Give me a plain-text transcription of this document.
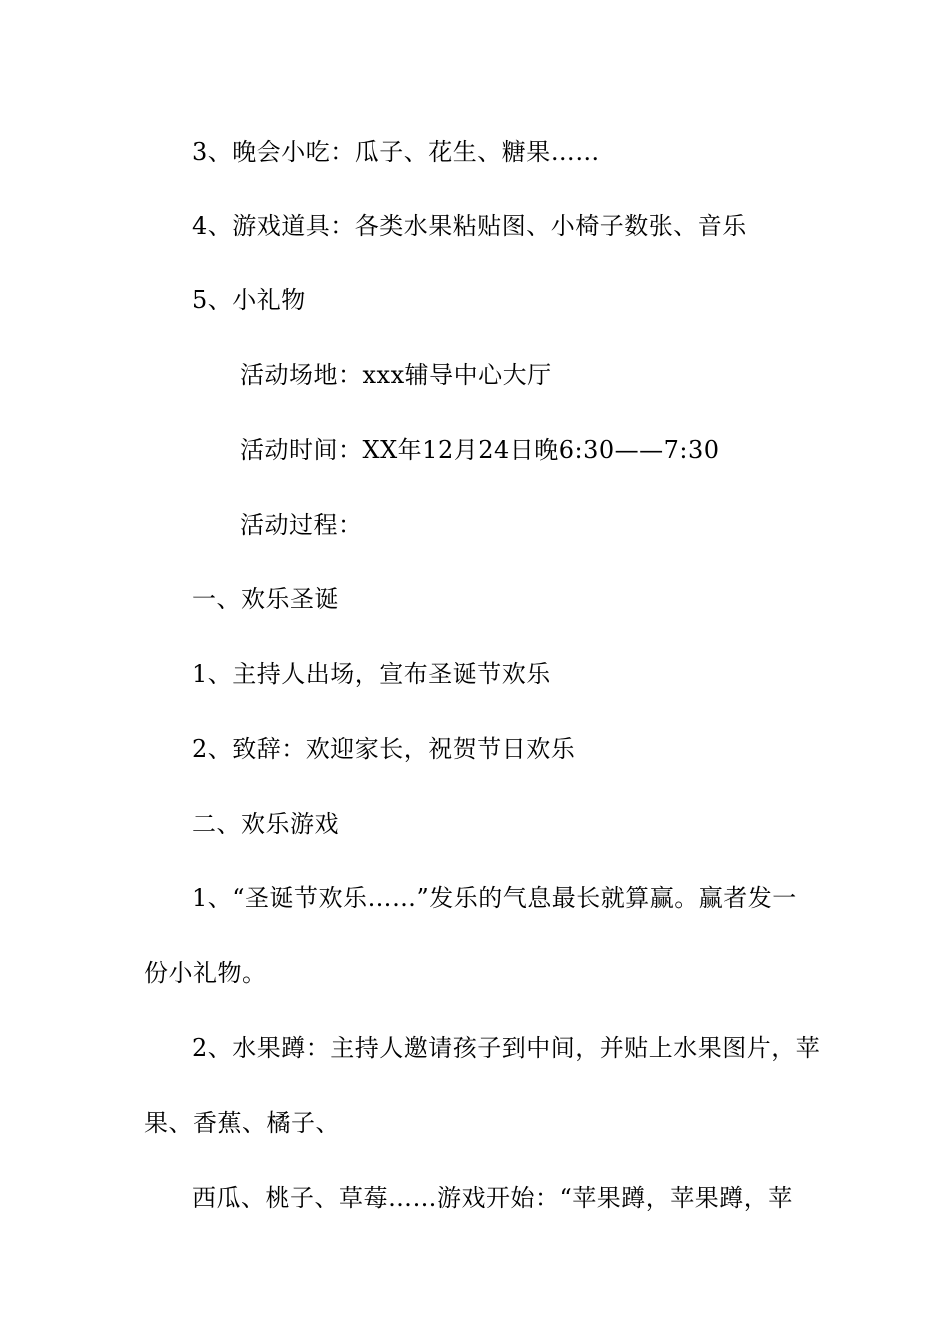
3、晚会小吃：瓜子、花生、糖果……
4、游戏道具：各类水果粘贴图、小椅子数张、音乐
5、小礼物
活动场地：xxx辅导中心大厅
活动时间：XX年12月24日晚6:30——7:30
活动过程：
一、欢乐圣诞
1、主持人出场，宣布圣诞节欢乐
2、致辞：欢迎家长，祝贺节日欢乐
二、欢乐游戏
1、“圣诞节欢乐……”发乐的气息最长就算赢。赢者发一
份小礼物。
2、水果蹲：主持人邀请孩子到中间，并贴上水果图片，苹
果、香蕉、橘子、
西瓜、桃子、草莓……游戏开始：“苹果蹲，苹果蹲，苹
